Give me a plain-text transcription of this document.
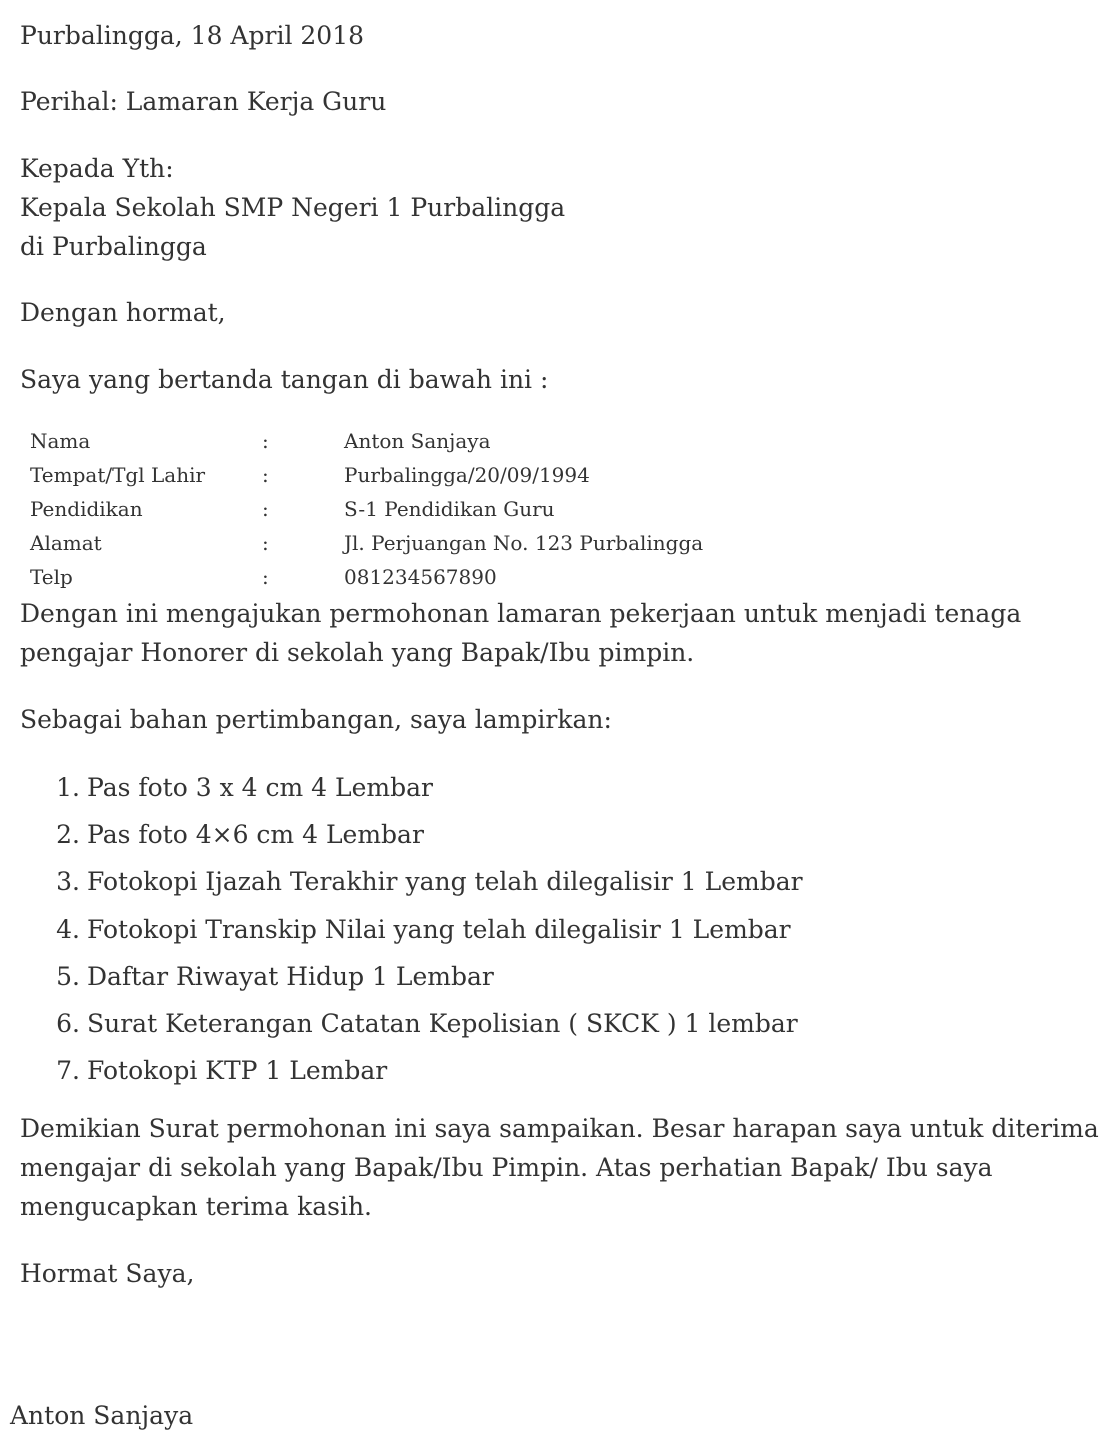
Purbalingga, 18 April 2018

Perihal: Lamaran Kerja Guru

Kepada Yth:
Kepala Sekolah SMP Negeri 1 Purbalingga
di Purbalingga

Dengan hormat,

Saya yang bertanda tangan di bawah ini :

Nama	:	Anton Sanjaya
Tempat/Tgl Lahir	:	Purbalingga/20/09/1994
Pendidikan	:	S-1 Pendidikan Guru
Alamat	:	Jl. Perjuangan No. 123 Purbalingga
Telp	:	081234567890

Dengan ini mengajukan permohonan lamaran pekerjaan untuk menjadi tenaga pengajar Honorer di sekolah yang Bapak/Ibu pimpin.

Sebagai bahan pertimbangan, saya lampirkan:

1. Pas foto 3 x 4 cm 4 Lembar
2. Pas foto 4×6 cm 4 Lembar
3. Fotokopi Ijazah Terakhir yang telah dilegalisir 1 Lembar
4. Fotokopi Transkip Nilai yang telah dilegalisir 1 Lembar
5. Daftar Riwayat Hidup 1 Lembar
6. Surat Keterangan Catatan Kepolisian ( SKCK ) 1 lembar
7. Fotokopi KTP 1 Lembar

Demikian Surat permohonan ini saya sampaikan. Besar harapan saya untuk diterima mengajar di sekolah yang Bapak/Ibu Pimpin. Atas perhatian Bapak/ Ibu saya mengucapkan terima kasih.

Hormat Saya,

Anton Sanjaya
